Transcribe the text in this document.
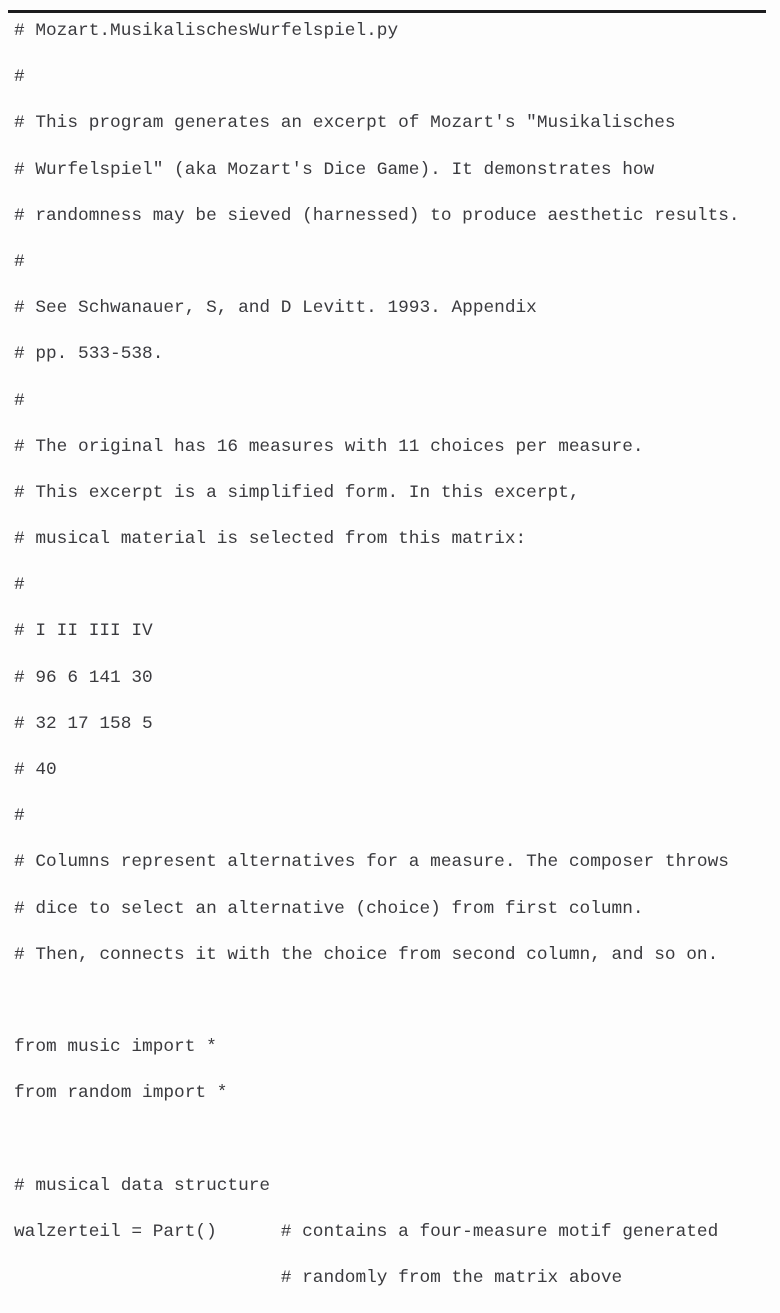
# Mozart.MusikalischesWurfelspiel.py

#

# This program generates an excerpt of Mozart's "Musikalisches

# Wurfelspiel" (aka Mozart's Dice Game). It demonstrates how

# randomness may be sieved (harnessed) to produce aesthetic results.

#

# See Schwanauer, S, and D Levitt. 1993. Appendix

# pp. 533-538.

#

# The original has 16 measures with 11 choices per measure.

# This excerpt is a simplified form. In this excerpt,

# musical material is selected from this matrix:

#

# I II III IV

# 96 6 141 30

# 32 17 158 5

# 40

#

# Columns represent alternatives for a measure. The composer throws

# dice to select an alternative (choice) from first column.

# Then, connects it with the choice from second column, and so on.

from music import *

from random import *

# musical data structure

walzerteil = Part()      # contains a four-measure motif generated

# randomly from the matrix above
